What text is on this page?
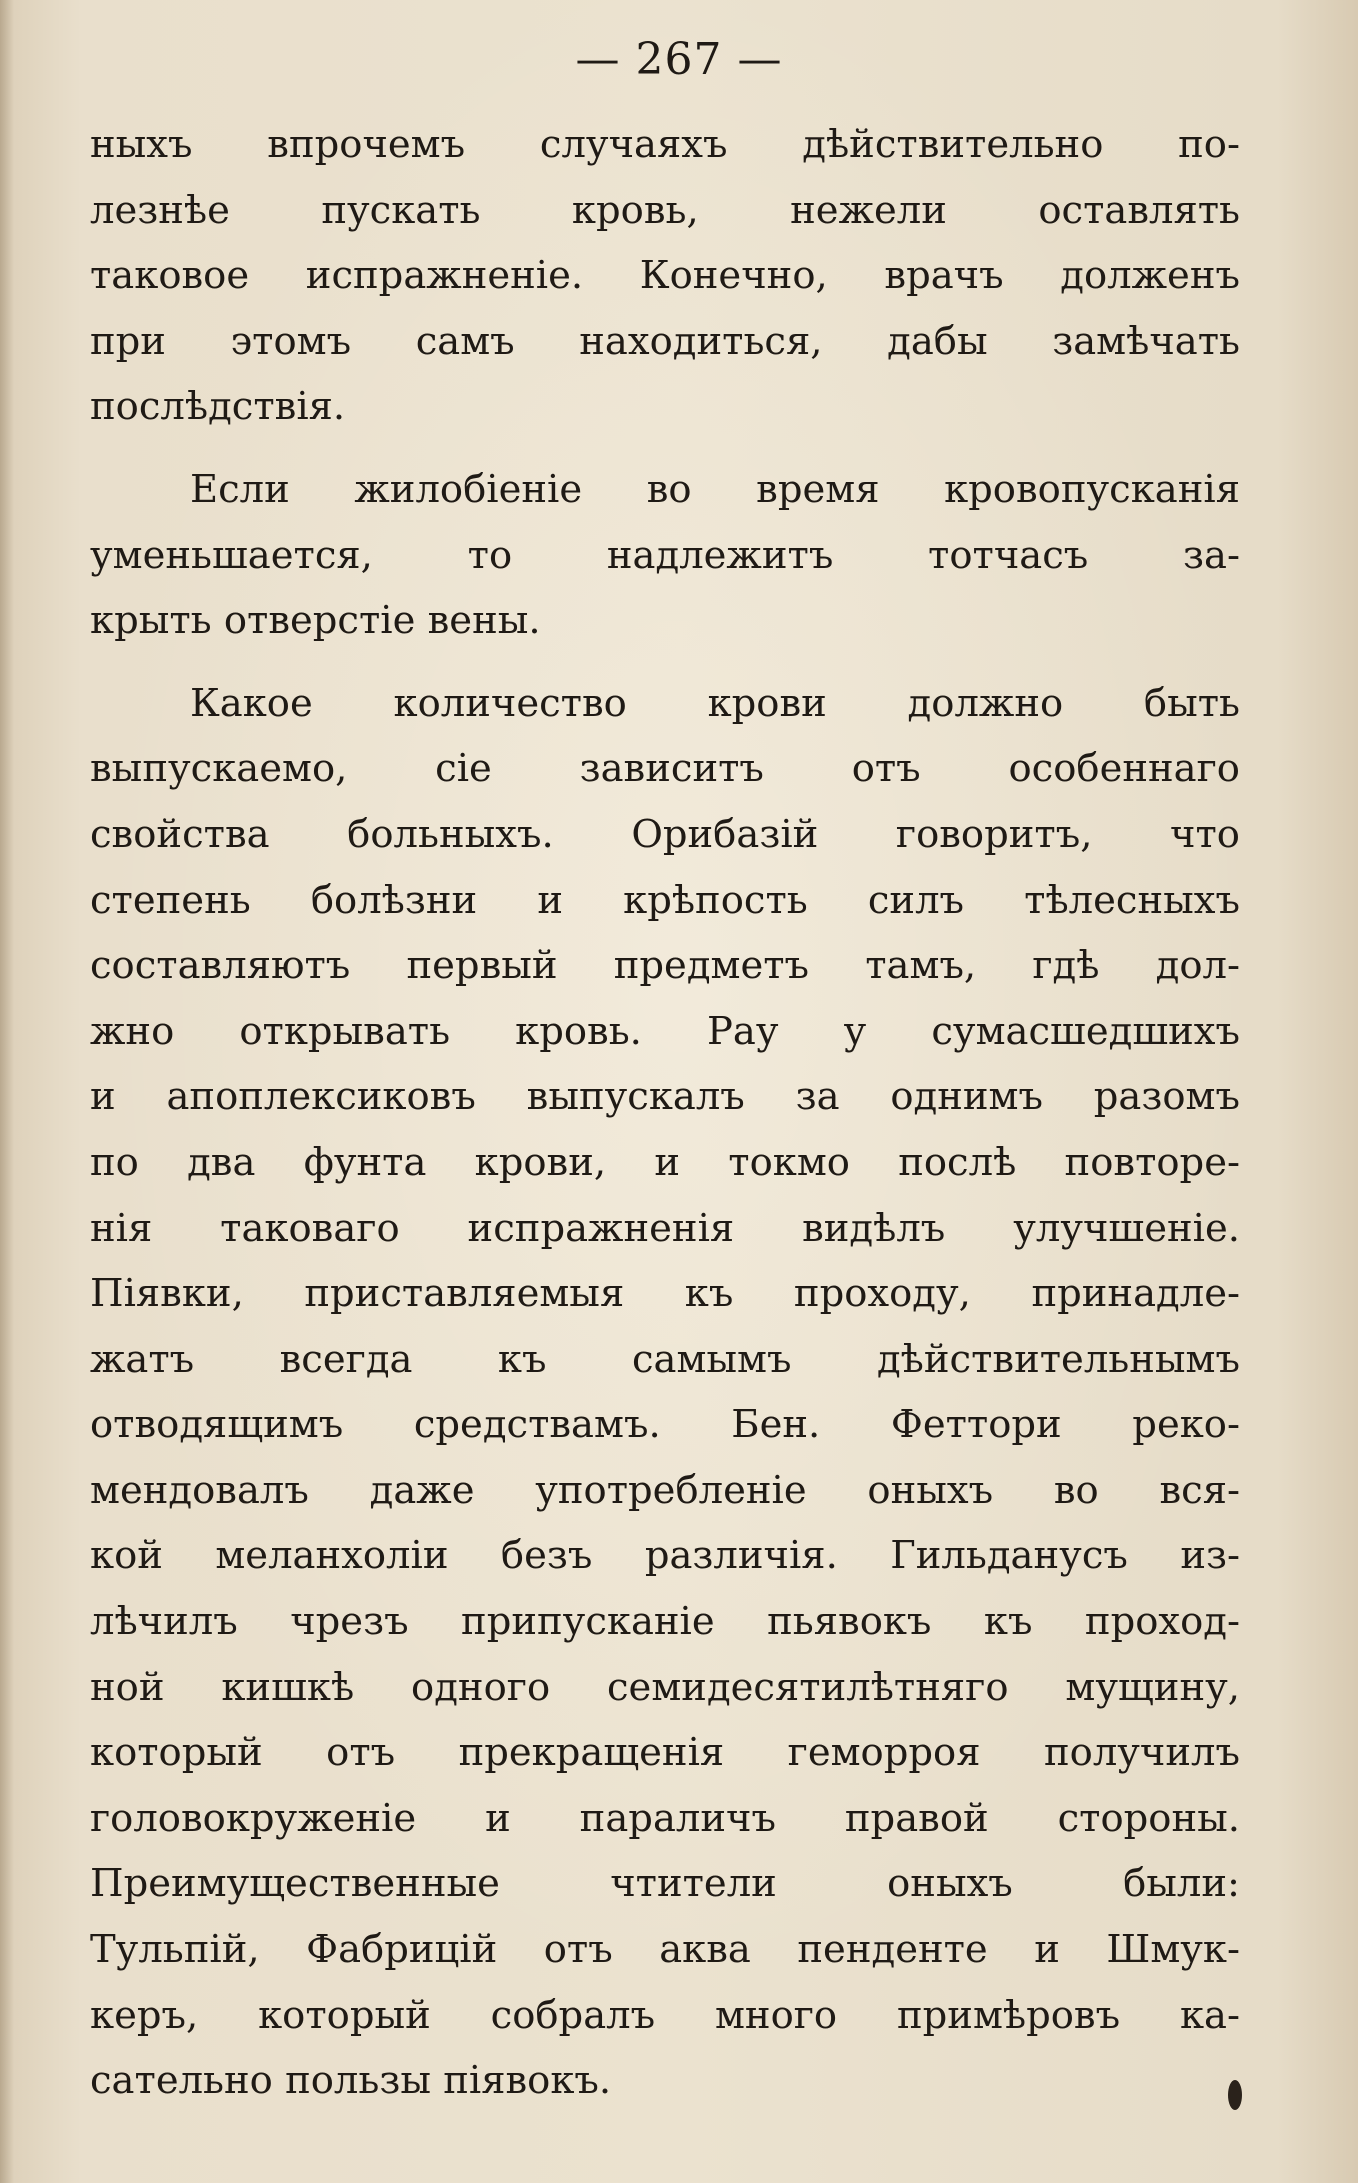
— 267 —
ныхъ впрочемъ случаяхъ дѣйствительно по-
лезнѣе пускать кровь, нежели оставлять
таковое испражненіе. Конечно, врачъ долженъ
при этомъ самъ находиться, дабы замѣчать
послѣдствія.
Если жилобіеніе во время кровопусканія
уменьшается, то надлежитъ тотчасъ за-
крыть отверстіе вены.
Какое количество крови должно быть
выпускаемо, сіе зависитъ отъ особеннаго
свойства больныхъ. Орибазій говоритъ, что
степень болѣзни и крѣпость силъ тѣлесныхъ
составляютъ первый предметъ тамъ, гдѣ дол-
жно открывать кровь. Рау у сумасшедшихъ
и апоплексиковъ выпускалъ за однимъ разомъ
по два фунта крови, и токмо послѣ повторе-
нія таковаго испражненія видѣлъ улучшеніе.
Піявки, приставляемыя къ проходу, принадле-
жатъ всегда къ самымъ дѣйствительнымъ
отводящимъ средствамъ. Бен. Феттори реко-
мендовалъ даже употребленіе оныхъ во вся-
кой меланхоліи безъ различія. Гильданусъ из-
лѣчилъ чрезъ припусканіе пьявокъ къ проход-
ной кишкѣ одного семидесятилѣтняго мущину,
который отъ прекращенія геморроя получилъ
головокруженіе и параличъ правой стороны.
Преимущественные чтители оныхъ были:
Тульпій, Фабрицій отъ аква пенденте и Шмук-
керъ, который собралъ много примѣровъ ка-
сательно пользы піявокъ.
